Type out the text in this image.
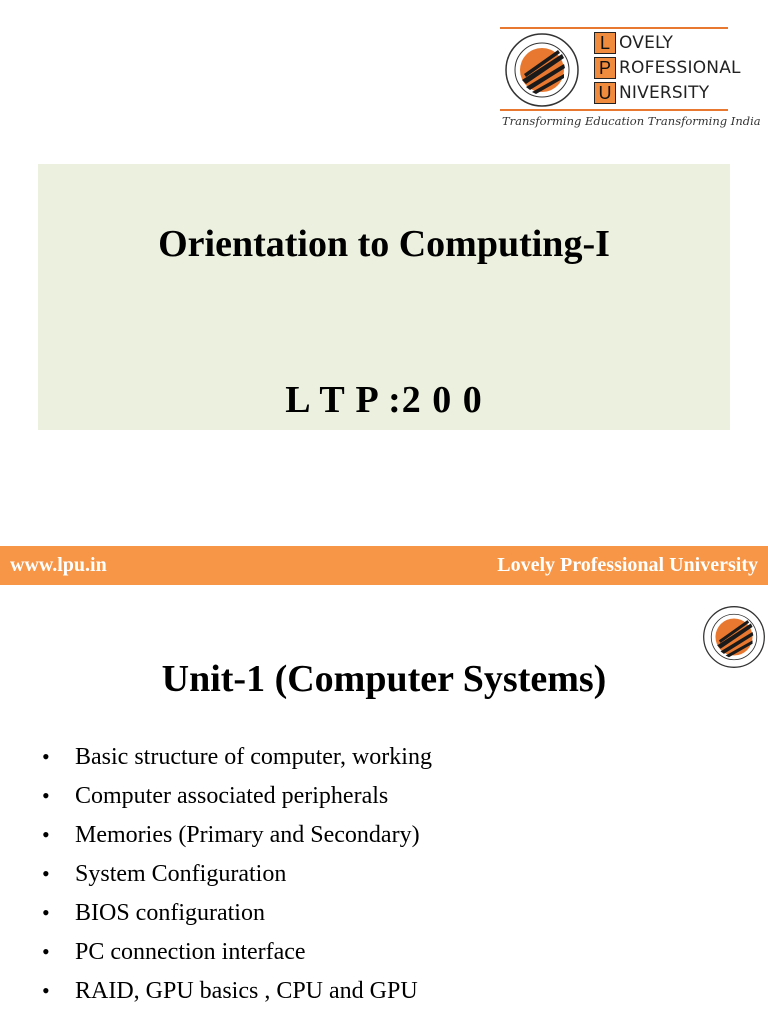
L OVELY
P ROFESSIONAL
U NIVERSITY
Transforming Education Transforming India
Orientation to Computing-I
L T P :2 0 0
www.lpu.in	Lovely Professional University
Unit-1 (Computer Systems)
•	Basic structure of computer, working
•	Computer associated peripherals
•	Memories (Primary and Secondary)
•	System Configuration
•	BIOS configuration
•	PC connection interface
•	RAID, GPU basics , CPU and GPU
